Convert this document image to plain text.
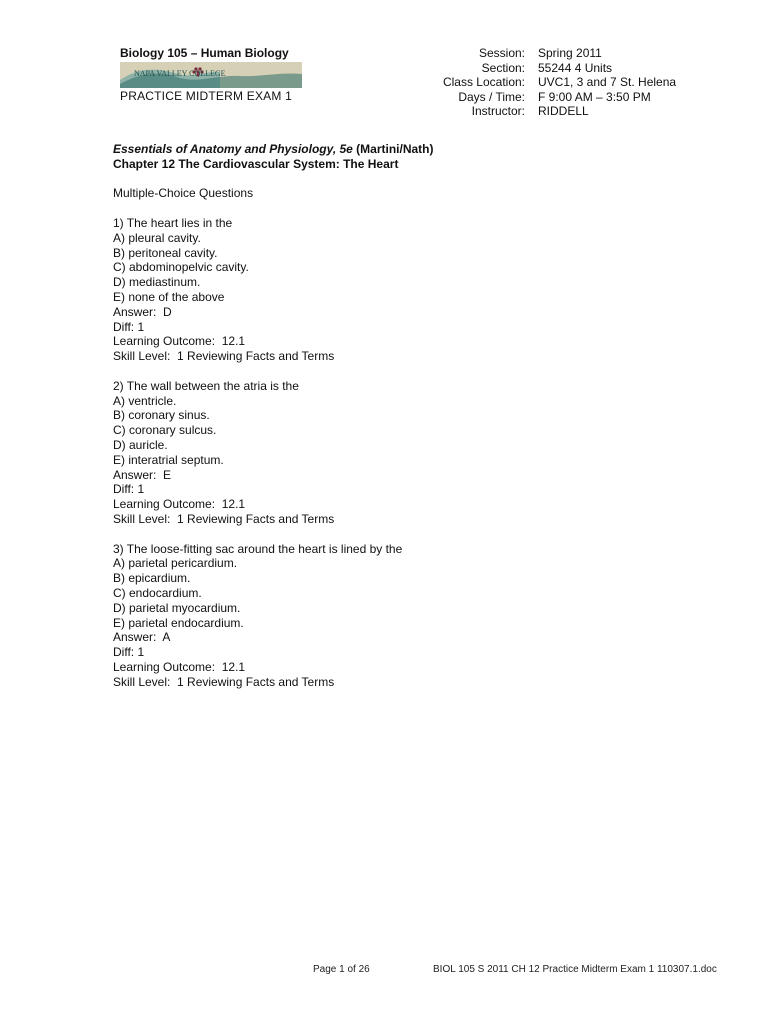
Biology 105 – Human Biology
NAPA VALLEY COLLEGE
PRACTICE MIDTERM EXAM 1
Session: Spring 2011
Section: 55244 4 Units
Class Location: UVC1, 3 and 7 St. Helena
Days / Time: F 9:00 AM – 3:50 PM
Instructor: RIDDELL
Essentials of Anatomy and Physiology, 5e (Martini/Nath)
Chapter 12 The Cardiovascular System: The Heart
Multiple-Choice Questions
1) The heart lies in the
A) pleural cavity.
B) peritoneal cavity.
C) abdominopelvic cavity.
D) mediastinum.
E) none of the above
Answer:  D
Diff: 1
Learning Outcome:  12.1
Skill Level:  1 Reviewing Facts and Terms
2) The wall between the atria is the
A) ventricle.
B) coronary sinus.
C) coronary sulcus.
D) auricle.
E) interatrial septum.
Answer:  E
Diff: 1
Learning Outcome:  12.1
Skill Level:  1 Reviewing Facts and Terms
3) The loose-fitting sac around the heart is lined by the
A) parietal pericardium.
B) epicardium.
C) endocardium.
D) parietal myocardium.
E) parietal endocardium.
Answer:  A
Diff: 1
Learning Outcome:  12.1
Skill Level:  1 Reviewing Facts and Terms
Page 1 of 26	BIOL 105 S 2011 CH 12 Practice Midterm Exam 1 110307.1.doc
